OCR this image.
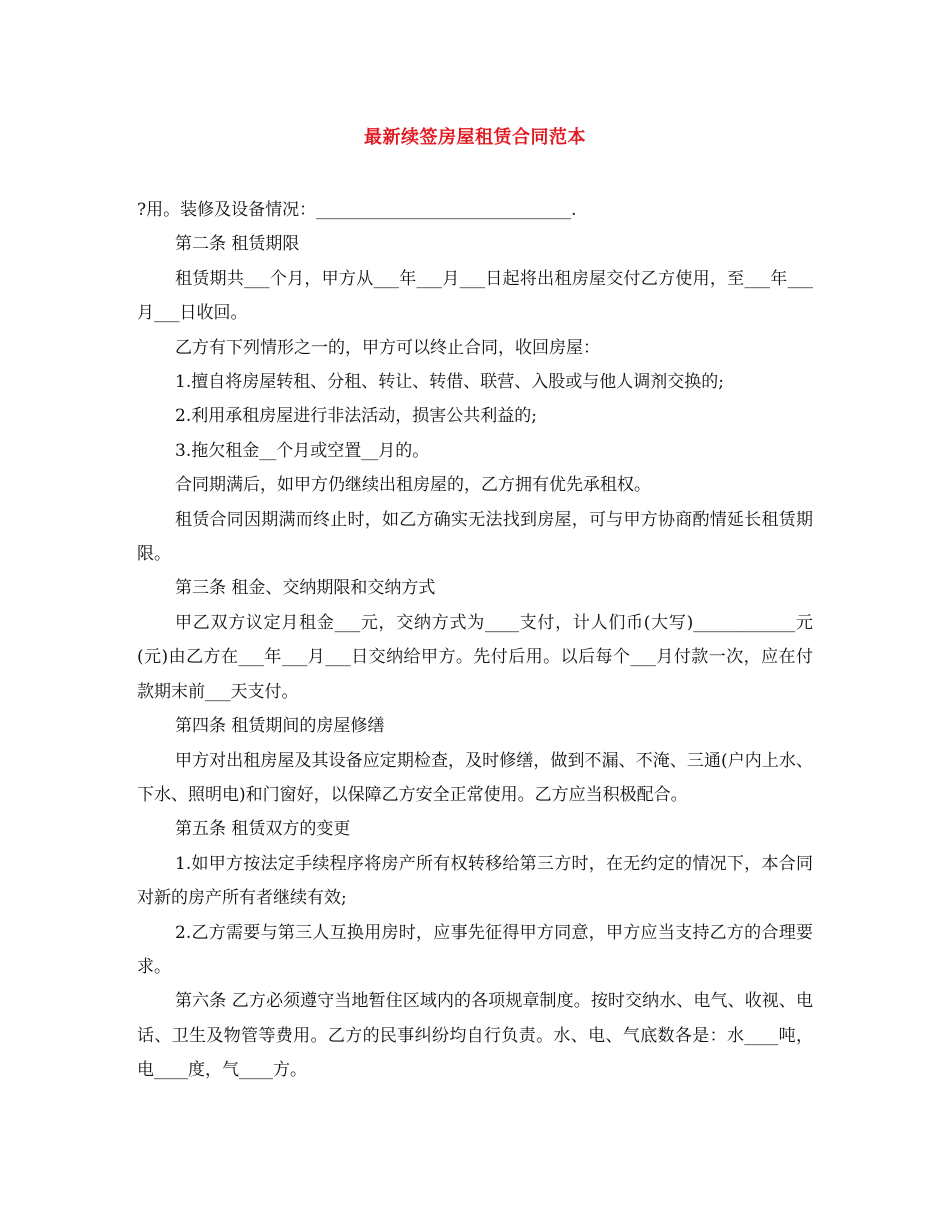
最新续签房屋租赁合同范本

?用。装修及设备情况：______________________________.

第二条 租赁期限

租赁期共___个月，甲方从___年___月___日起将出租房屋交付乙方使用，至___年___月___日收回。

乙方有下列情形之一的，甲方可以终止合同，收回房屋：

1.擅自将房屋转租、分租、转让、转借、联营、入股或与他人调剂交换的;

2.利用承租房屋进行非法活动，损害公共利益的;

3.拖欠租金__个月或空置__月的。

合同期满后，如甲方仍继续出租房屋的，乙方拥有优先承租权。

租赁合同因期满而终止时，如乙方确实无法找到房屋，可与甲方协商酌情延长租赁期限。

第三条 租金、交纳期限和交纳方式

甲乙双方议定月租金___元，交纳方式为____支付，计人们币(大写)____________元(元)由乙方在___年___月___日交纳给甲方。先付后用。以后每个___月付款一次，应在付款期末前___天支付。

第四条 租赁期间的房屋修缮

甲方对出租房屋及其设备应定期检查，及时修缮，做到不漏、不淹、三通(户内上水、下水、照明电)和门窗好，以保障乙方安全正常使用。乙方应当积极配合。

第五条 租赁双方的变更

1.如甲方按法定手续程序将房产所有权转移给第三方时，在无约定的情况下，本合同对新的房产所有者继续有效;

2.乙方需要与第三人互换用房时，应事先征得甲方同意，甲方应当支持乙方的合理要求。

第六条 乙方必须遵守当地暂住区域内的各项规章制度。按时交纳水、电气、收视、电话、卫生及物管等费用。乙方的民事纠纷均自行负责。水、电、气底数各是：水____吨，电____度，气____方。
